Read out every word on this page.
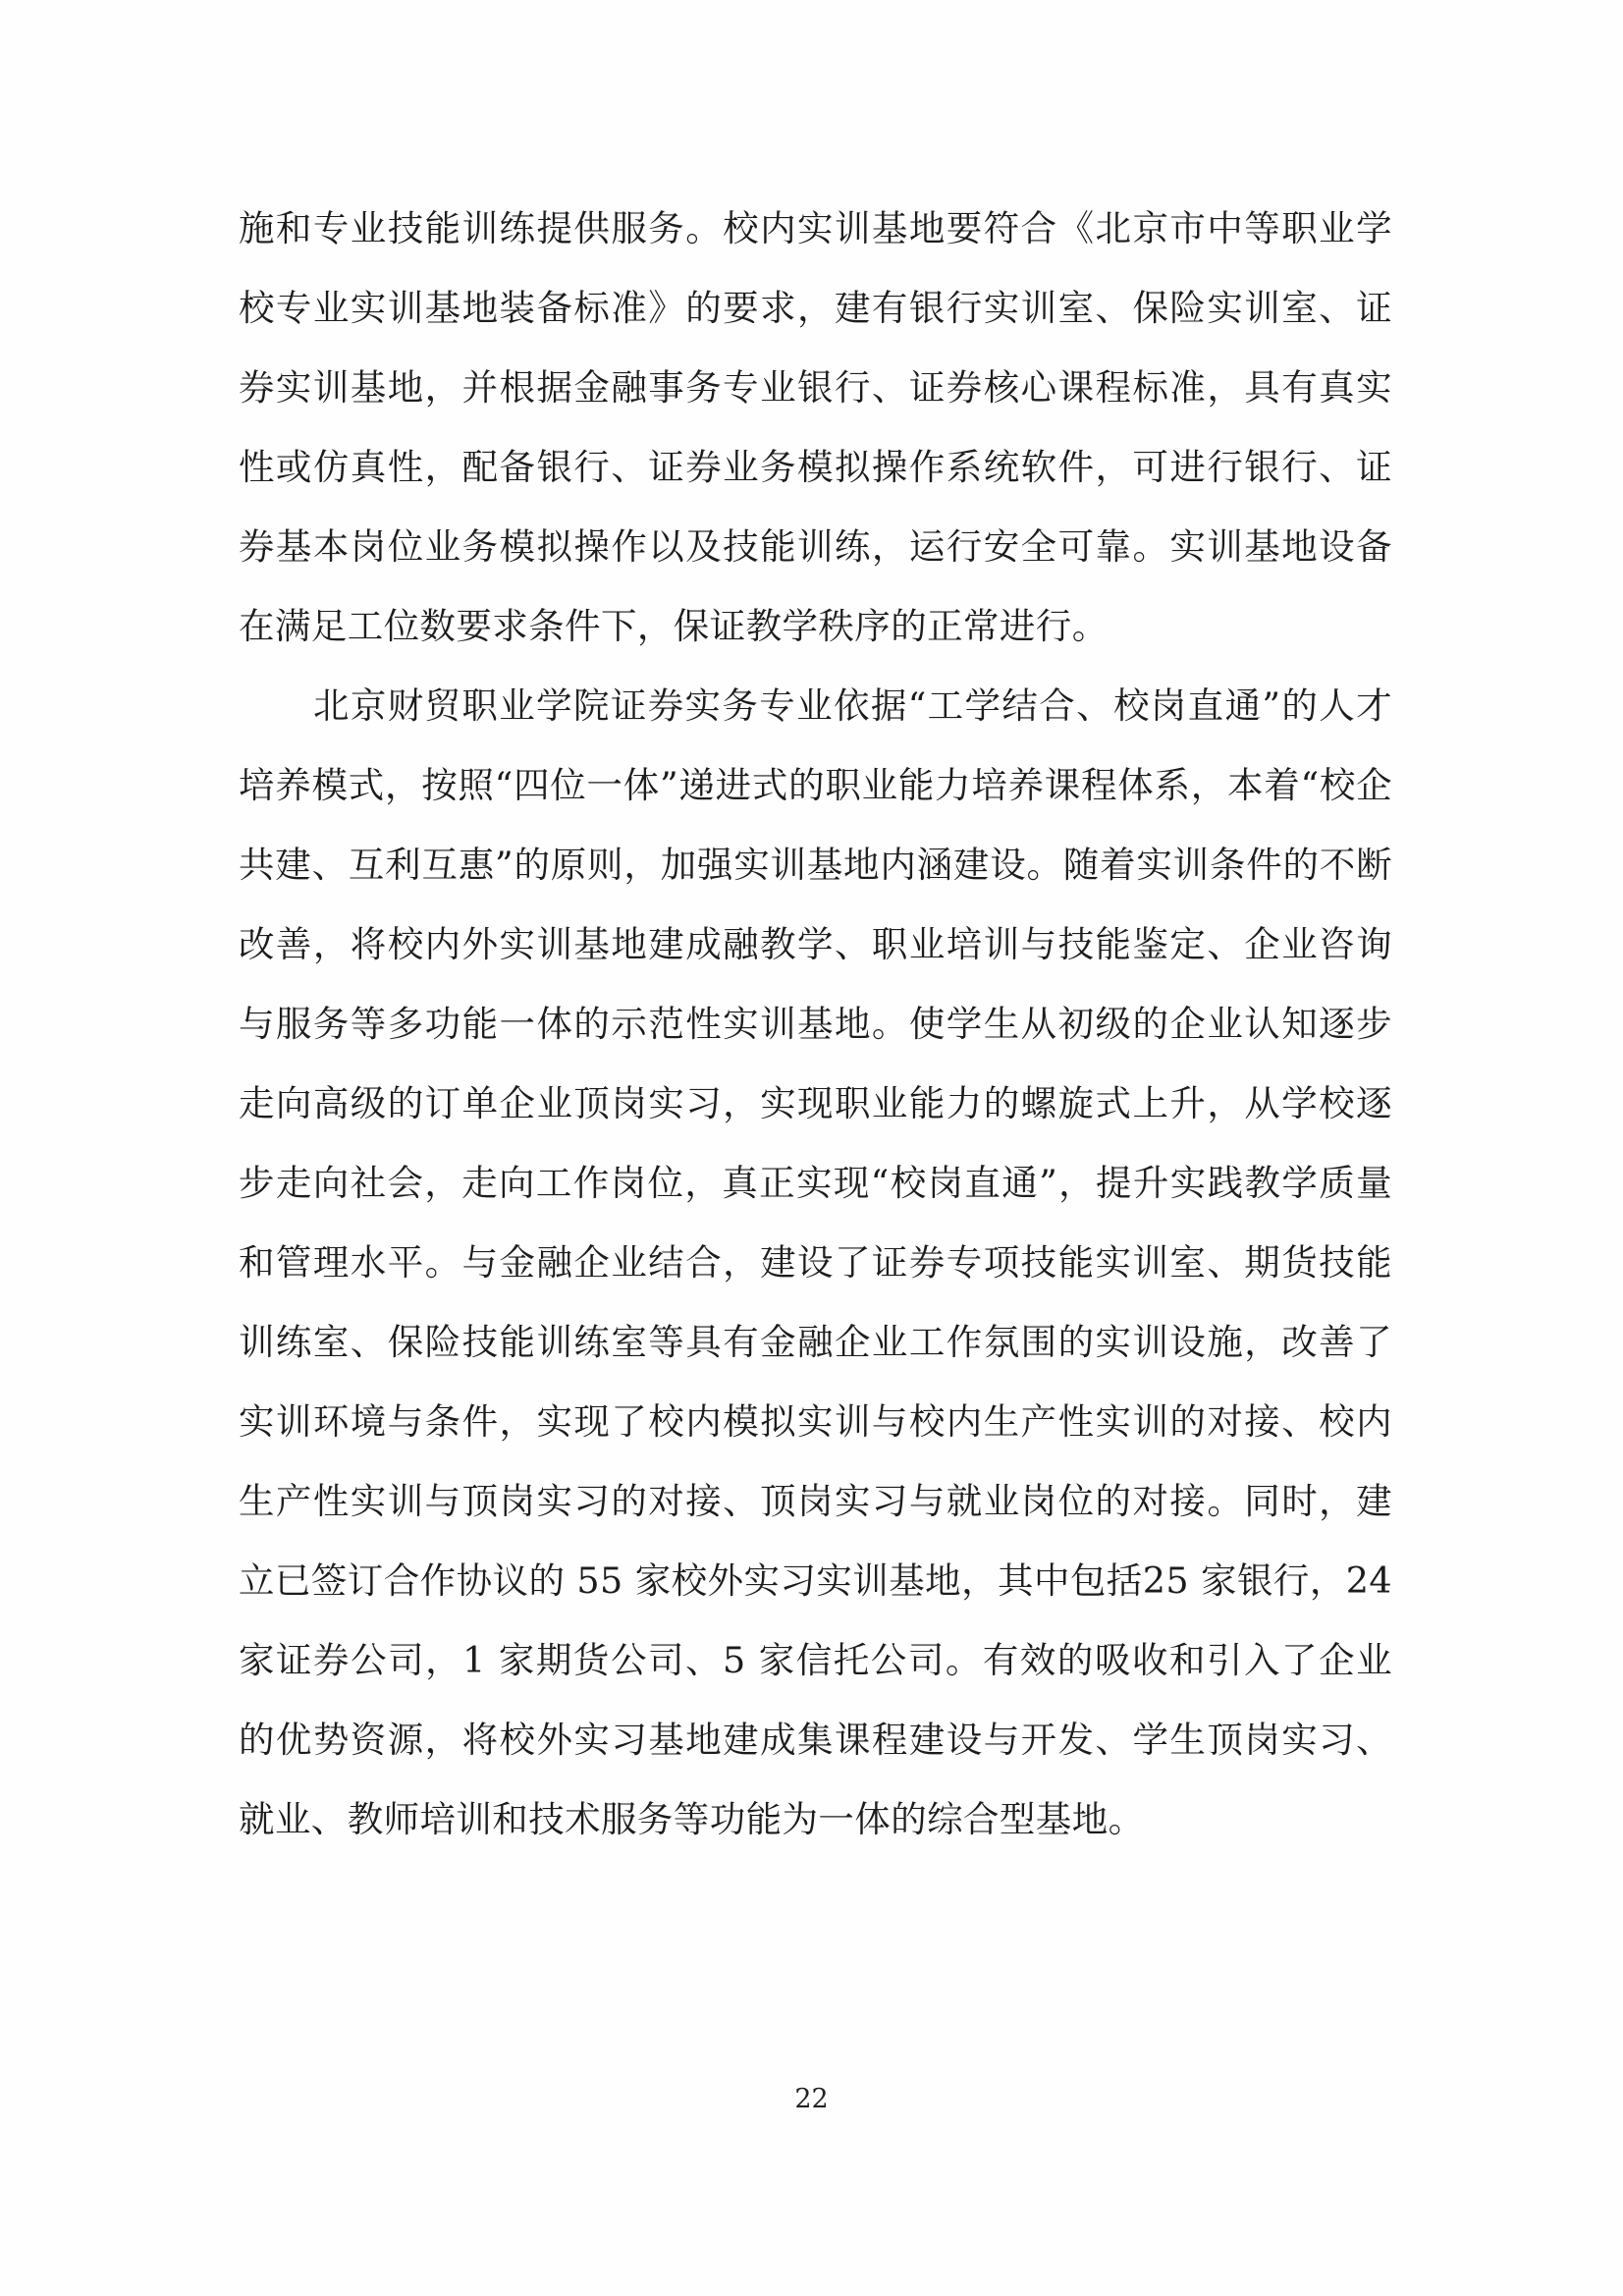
施和专业技能训练提供服务。校内实训基地要符合《北京市中等职业学校专业实训基地装备标准》的要求，建有银行实训室、保险实训室、证券实训基地，并根据金融事务专业银行、证券核心课程标准，具有真实性或仿真性，配备银行、证券业务模拟操作系统软件，可进行银行、证券基本岗位业务模拟操作以及技能训练，运行安全可靠。实训基地设备在满足工位数要求条件下，保证教学秩序的正常进行。

北京财贸职业学院证券实务专业依据“工学结合、校岗直通”的人才培养模式，按照“四位一体”递进式的职业能力培养课程体系，本着“校企共建、互利互惠”的原则，加强实训基地内涵建设。随着实训条件的不断改善，将校内外实训基地建成融教学、职业培训与技能鉴定、企业咨询与服务等多功能一体的示范性实训基地。使学生从初级的企业认知逐步走向高级的订单企业顶岗实习，实现职业能力的螺旋式上升，从学校逐步走向社会，走向工作岗位，真正实现“校岗直通”，提升实践教学质量和管理水平。与金融企业结合，建设了证券专项技能实训室、期货技能训练室、保险技能训练室等具有金融企业工作氛围的实训设施，改善了实训环境与条件，实现了校内模拟实训与校内生产性实训的对接、校内生产性实训与顶岗实习的对接、顶岗实习与就业岗位的对接。同时，建立已签订合作协议的 55 家校外实习实训基地，其中包括25 家银行，24 家证券公司，1 家期货公司、5 家信托公司。有效的吸收和引入了企业的优势资源，将校外实习基地建成集课程建设与开发、学生顶岗实习、就业、教师培训和技术服务等功能为一体的综合型基地。

22
